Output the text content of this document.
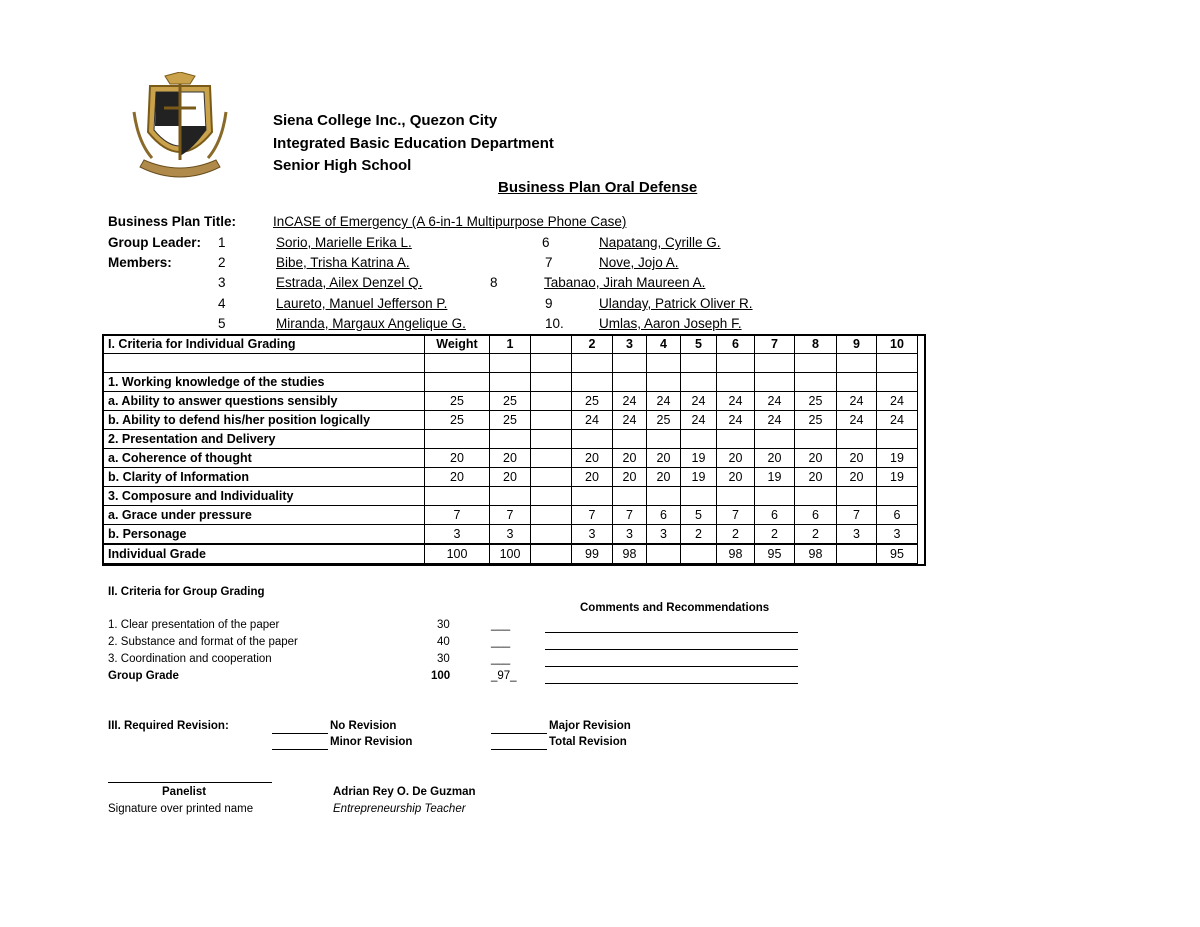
Siena College Inc., Quezon City
Integrated Basic Education Department
Senior High School
Business Plan Oral Defense
Business Plan Title:	InCASE of Emergency (A 6-in-1 Multipurpose Phone Case)
Group Leader:
Members:
1	Sorio, Marielle Erika L.
2	Bibe, Trisha Katrina A.
3	Estrada, Ailex Denzel Q.
4	Laureto, Manuel Jefferson P.
5	Miranda, Margaux Angelique G.
6	Napatang, Cyrille G.
7	Nove, Jojo A.
8	Tabanao, Jirah Maureen A.
9	Ulanday, Patrick Oliver R.
10.	Umlas, Aaron Joseph F.
I. Criteria for Individual Grading	Weight	1		2	3	4	5	6	7	8	9	10

1. Working knowledge of the studies												
a. Ability to answer questions sensibly	25	25		25	24	24	24	24	24	25	24	24
b. Ability to defend his/her position logically	25	25		24	24	25	24	24	24	25	24	24
2. Presentation and Delivery												
a. Coherence of thought	20	20		20	20	20	19	20	20	20	20	19
b. Clarity of Information	20	20		20	20	20	19	20	19	20	20	19
3. Composure and Individuality												
a. Grace under pressure	7	7		7	7	6	5	7	6	6	7	6
b. Personage	3	3		3	3	3	2	2	2	2	3	3
Individual Grade	100	100		99	98			98	95	98		95
II. Criteria for Group Grading
Comments and Recommendations
1. Clear presentation of the paper	30	___
2. Substance and format of the paper	40	___
3. Coordination and cooperation	30	___
Group Grade	100	_97_
III. Required Revision:	No Revision
Minor Revision
Major Revision
Total Revision
Panelist
Signature over printed name
Adrian Rey O. De Guzman
Entrepreneurship Teacher
